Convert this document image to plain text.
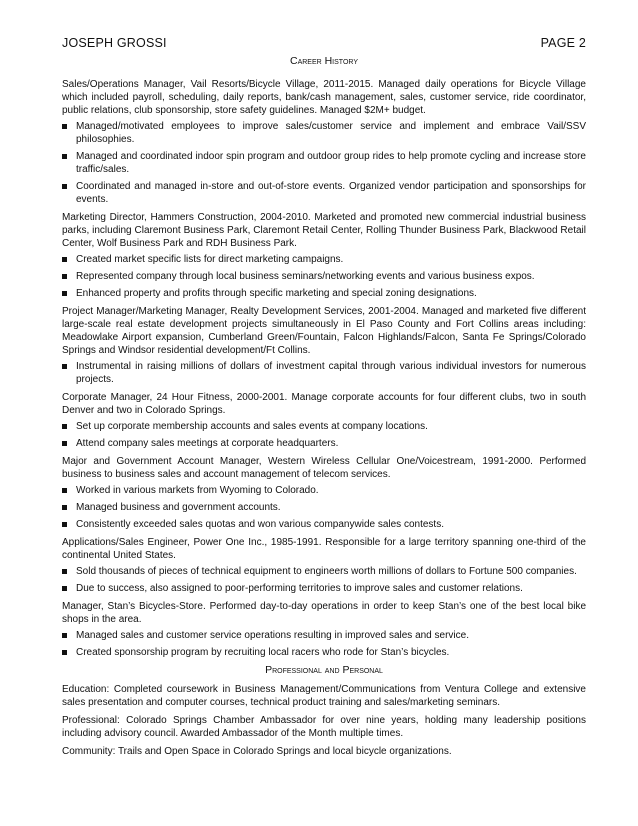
JOSEPH GROSSI	PAGE 2
Career History

Sales/Operations Manager, Vail Resorts/Bicycle Village, 2011-2015. Managed daily operations for Bicycle Village which included payroll, scheduling, daily reports, bank/cash management, sales, customer service, ride coordinator, public relations, club sponsorship, store safety guidelines. Managed $2M+ budget.

Managed/motivated employees to improve sales/customer service and implement and embrace Vail/SSV philosophies.
Managed and coordinated indoor spin program and outdoor group rides to help promote cycling and increase store traffic/sales.
Coordinated and managed in-store and out-of-store events. Organized vendor participation and sponsorships for events.

Marketing Director, Hammers Construction, 2004-2010. Marketed and promoted new commercial industrial business parks, including Claremont Business Park, Claremont Retail Center, Rolling Thunder Business Park, Blackwood Retail Center, Wolf Business Park and RDH Business Park.

Created market specific lists for direct marketing campaigns.
Represented company through local business seminars/networking events and various business expos.
Enhanced property and profits through specific marketing and special zoning designations.

Project Manager/Marketing Manager, Realty Development Services, 2001-2004. Managed and marketed five different large-scale real estate development projects simultaneously in El Paso County and Fort Collins areas including: Meadowlake Airport expansion, Cumberland Green/Fountain, Falcon Highlands/Falcon, Santa Fe Springs/Colorado Springs and Windsor residential development/Ft Collins.

Instrumental in raising millions of dollars of investment capital through various individual investors for numerous projects.

Corporate Manager, 24 Hour Fitness, 2000-2001. Manage corporate accounts for four different clubs, two in south Denver and two in Colorado Springs.

Set up corporate membership accounts and sales events at company locations.
Attend company sales meetings at corporate headquarters.

Major and Government Account Manager, Western Wireless Cellular One/Voicestream, 1991-2000. Performed business to business sales and account management of telecom services.

Worked in various markets from Wyoming to Colorado.
Managed business and government accounts.
Consistently exceeded sales quotas and won various companywide sales contests.

Applications/Sales Engineer, Power One Inc., 1985-1991. Responsible for a large territory spanning one-third of the continental United States.

Sold thousands of pieces of technical equipment to engineers worth millions of dollars to Fortune 500 companies.
Due to success, also assigned to poor-performing territories to improve sales and customer relations.

Manager, Stan’s Bicycles-Store. Performed day-to-day operations in order to keep Stan’s one of the best local bike shops in the area.

Managed sales and customer service operations resulting in improved sales and service.
Created sponsorship program by recruiting local racers who rode for Stan’s bicycles.
Professional and Personal

Education: Completed coursework in Business Management/Communications from Ventura College and extensive sales presentation and computer courses, technical product training and sales/marketing seminars.

Professional: Colorado Springs Chamber Ambassador for over nine years, holding many leadership positions including advisory council. Awarded Ambassador of the Month multiple times.

Community: Trails and Open Space in Colorado Springs and local bicycle organizations.
